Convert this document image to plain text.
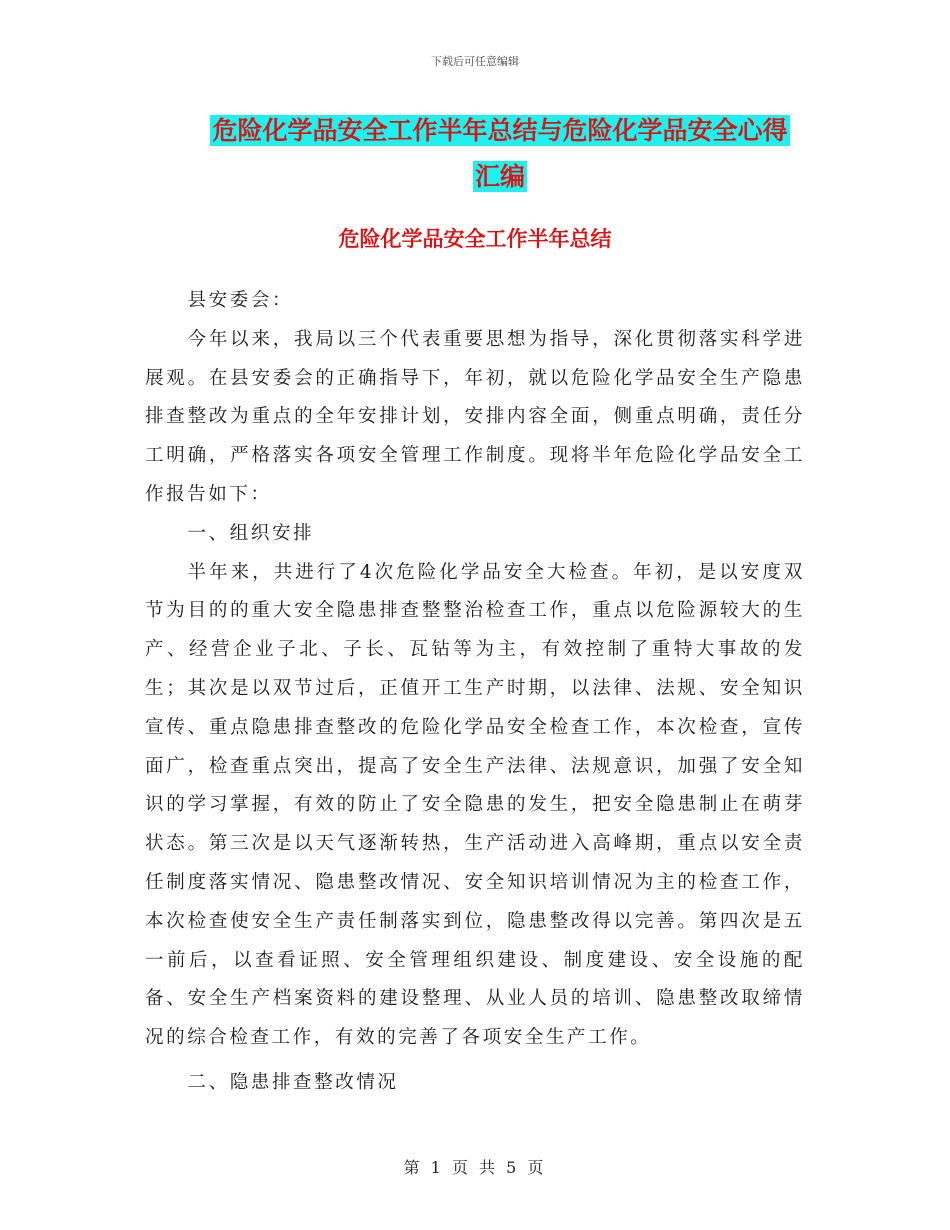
下载后可任意编辑
危险化学品安全工作半年总结与危险化学品安全心得
汇编
危险化学品安全工作半年总结

县安委会：

今年以来，我局以三个代表重要思想为指导，深化贯彻落实科学进展观。在县安委会的正确指导下，年初，就以危险化学品安全生产隐患排查整改为重点的全年安排计划，安排内容全面，侧重点明确，责任分工明确，严格落实各项安全管理工作制度。现将半年危险化学品安全工作报告如下：

一、组织安排

半年来，共进行了4次危险化学品安全大检查。年初，是以安度双节为目的的重大安全隐患排查整整治检查工作，重点以危险源较大的生产、经营企业子北、子长、瓦钻等为主，有效控制了重特大事故的发生；其次是以双节过后，正值开工生产时期，以法律、法规、安全知识宣传、重点隐患排查整改的危险化学品安全检查工作，本次检查，宣传面广，检查重点突出，提高了安全生产法律、法规意识，加强了安全知识的学习掌握，有效的防止了安全隐患的发生，把安全隐患制止在萌芽状态。第三次是以天气逐渐转热，生产活动进入高峰期，重点以安全责任制度落实情况、隐患整改情况、安全知识培训情况为主的检查工作，本次检查使安全生产责任制落实到位，隐患整改得以完善。第四次是五一前后，以查看证照、安全管理组织建设、制度建设、安全设施的配备、安全生产档案资料的建设整理、从业人员的培训、隐患整改取缔情况的综合检查工作，有效的完善了各项安全生产工作。

二、隐患排查整改情况

第 1 页 共 5 页
